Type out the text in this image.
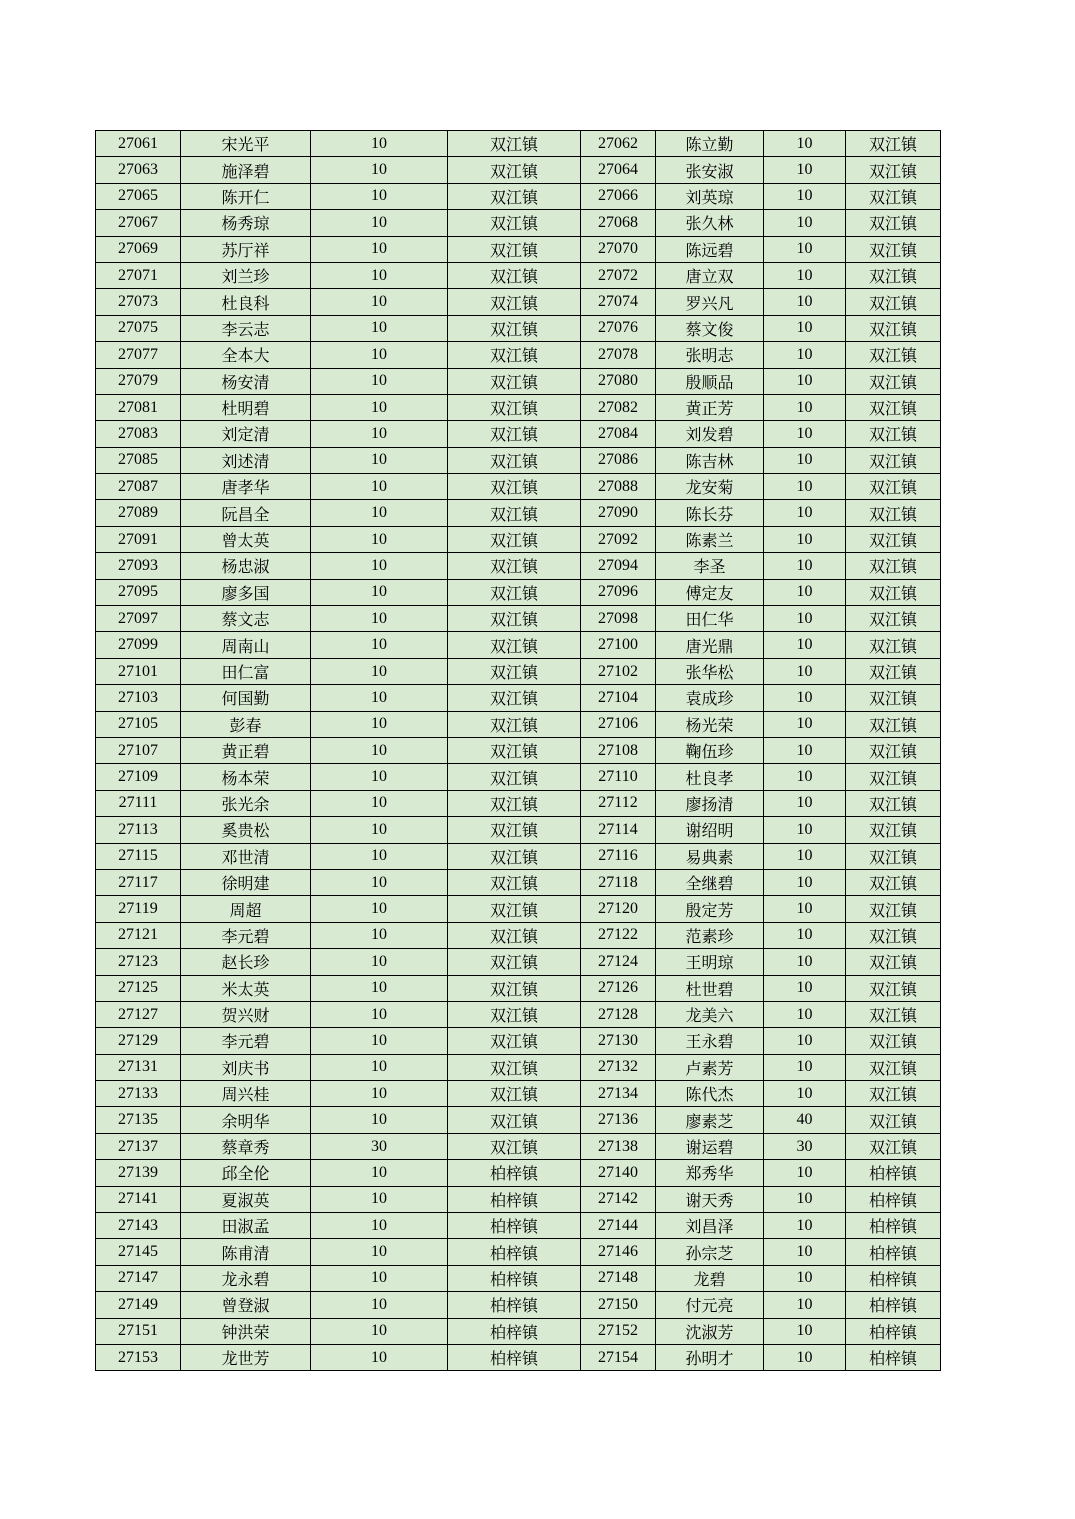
27061	宋光平	10	双江镇	27062	陈立勤	10	双江镇
27063	施泽碧	10	双江镇	27064	张安淑	10	双江镇
27065	陈开仁	10	双江镇	27066	刘英琼	10	双江镇
27067	杨秀琼	10	双江镇	27068	张久林	10	双江镇
27069	苏厅祥	10	双江镇	27070	陈远碧	10	双江镇
27071	刘兰珍	10	双江镇	27072	唐立双	10	双江镇
27073	杜良科	10	双江镇	27074	罗兴凡	10	双江镇
27075	李云志	10	双江镇	27076	蔡文俊	10	双江镇
27077	全本大	10	双江镇	27078	张明志	10	双江镇
27079	杨安清	10	双江镇	27080	殷顺品	10	双江镇
27081	杜明碧	10	双江镇	27082	黄正芳	10	双江镇
27083	刘定清	10	双江镇	27084	刘发碧	10	双江镇
27085	刘述清	10	双江镇	27086	陈吉林	10	双江镇
27087	唐孝华	10	双江镇	27088	龙安菊	10	双江镇
27089	阮昌全	10	双江镇	27090	陈长芬	10	双江镇
27091	曾太英	10	双江镇	27092	陈素兰	10	双江镇
27093	杨忠淑	10	双江镇	27094	李圣	10	双江镇
27095	廖多国	10	双江镇	27096	傅定友	10	双江镇
27097	蔡文志	10	双江镇	27098	田仁华	10	双江镇
27099	周南山	10	双江镇	27100	唐光鼎	10	双江镇
27101	田仁富	10	双江镇	27102	张华松	10	双江镇
27103	何国勤	10	双江镇	27104	袁成珍	10	双江镇
27105	彭春	10	双江镇	27106	杨光荣	10	双江镇
27107	黄正碧	10	双江镇	27108	鞠伍珍	10	双江镇
27109	杨本荣	10	双江镇	27110	杜良孝	10	双江镇
27111	张光余	10	双江镇	27112	廖扬清	10	双江镇
27113	奚贵松	10	双江镇	27114	谢绍明	10	双江镇
27115	邓世清	10	双江镇	27116	易典素	10	双江镇
27117	徐明建	10	双江镇	27118	全继碧	10	双江镇
27119	周超	10	双江镇	27120	殷定芳	10	双江镇
27121	李元碧	10	双江镇	27122	范素珍	10	双江镇
27123	赵长珍	10	双江镇	27124	王明琼	10	双江镇
27125	米太英	10	双江镇	27126	杜世碧	10	双江镇
27127	贺兴财	10	双江镇	27128	龙美六	10	双江镇
27129	李元碧	10	双江镇	27130	王永碧	10	双江镇
27131	刘庆书	10	双江镇	27132	卢素芳	10	双江镇
27133	周兴桂	10	双江镇	27134	陈代杰	10	双江镇
27135	余明华	10	双江镇	27136	廖素芝	40	双江镇
27137	蔡章秀	30	双江镇	27138	谢运碧	30	双江镇
27139	邱全伦	10	柏梓镇	27140	郑秀华	10	柏梓镇
27141	夏淑英	10	柏梓镇	27142	谢天秀	10	柏梓镇
27143	田淑孟	10	柏梓镇	27144	刘昌泽	10	柏梓镇
27145	陈甫清	10	柏梓镇	27146	孙宗芝	10	柏梓镇
27147	龙永碧	10	柏梓镇	27148	龙碧	10	柏梓镇
27149	曾登淑	10	柏梓镇	27150	付元亮	10	柏梓镇
27151	钟洪荣	10	柏梓镇	27152	沈淑芳	10	柏梓镇
27153	龙世芳	10	柏梓镇	27154	孙明才	10	柏梓镇
